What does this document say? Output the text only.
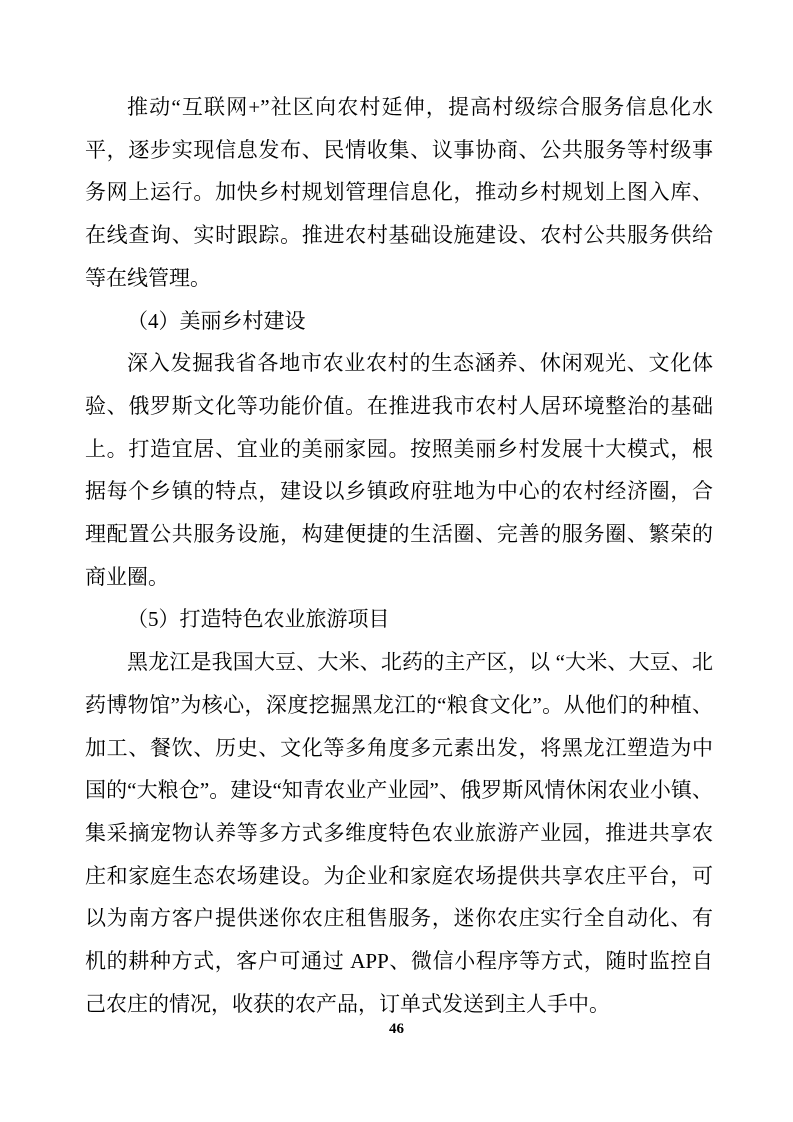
推动“互联网+”社区向农村延伸，提高村级综合服务信息化水平，逐步实现信息发布、民情收集、议事协商、公共服务等村级事务网上运行。加快乡村规划管理信息化，推动乡村规划上图入库、在线查询、实时跟踪。推进农村基础设施建设、农村公共服务供给等在线管理。

（4）美丽乡村建设

深入发掘我省各地市农业农村的生态涵养、休闲观光、文化体验、俄罗斯文化等功能价值。在推进我市农村人居环境整治的基础上。打造宜居、宜业的美丽家园。按照美丽乡村发展十大模式，根据每个乡镇的特点，建设以乡镇政府驻地为中心的农村经济圈，合理配置公共服务设施，构建便捷的生活圈、完善的服务圈、繁荣的商业圈。

（5）打造特色农业旅游项目

黑龙江是我国大豆、大米、北药的主产区，以 “大米、大豆、北药博物馆”为核心，深度挖掘黑龙江的“粮食文化”。从他们的种植、加工、餐饮、历史、文化等多角度多元素出发，将黑龙江塑造为中国的“大粮仓”。建设“知青农业产业园”、俄罗斯风情休闲农业小镇、集采摘宠物认养等多方式多维度特色农业旅游产业园，推进共享农庄和家庭生态农场建设。为企业和家庭农场提供共享农庄平台，可以为南方客户提供迷你农庄租售服务，迷你农庄实行全自动化、有机的耕种方式，客户可通过 APP、微信小程序等方式，随时监控自己农庄的情况，收获的农产品，订单式发送到主人手中。

46
